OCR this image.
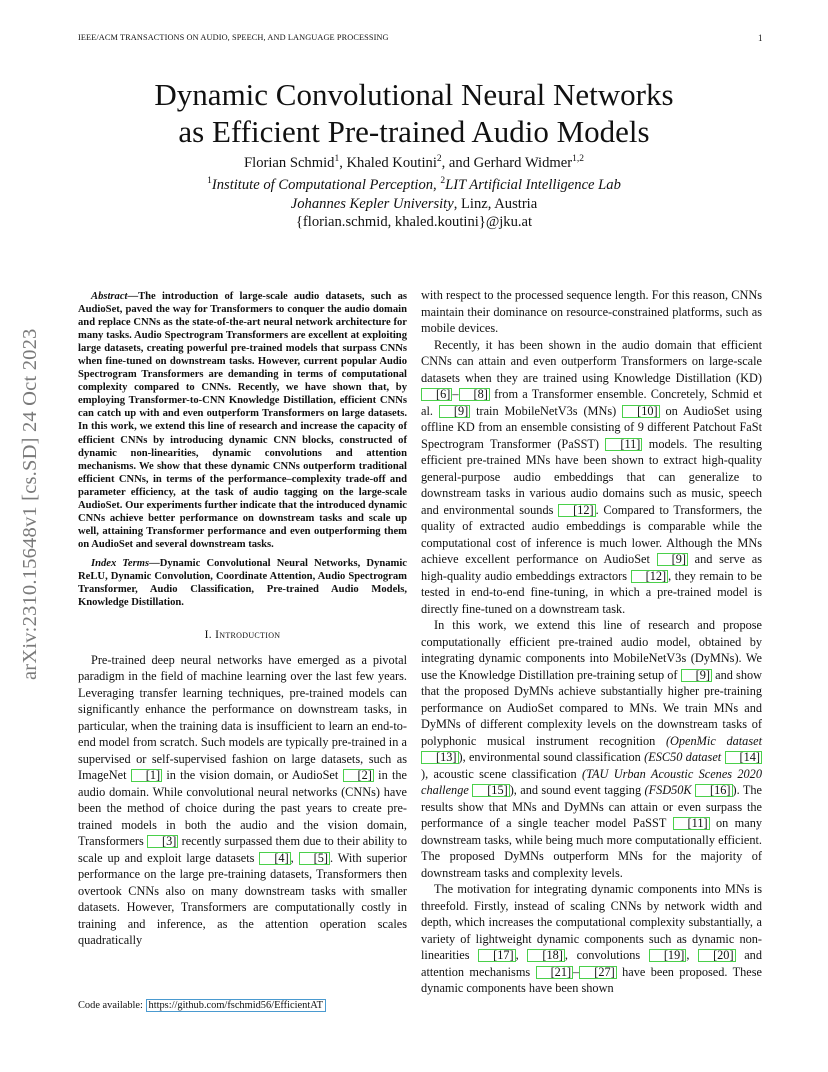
IEEE/ACM TRANSACTIONS ON AUDIO, SPEECH, AND LANGUAGE PROCESSING	1
arXiv:2310.15648v1 [cs.SD] 24 Oct 2023
Dynamic Convolutional Neural Networks
as Efficient Pre-trained Audio Models
Florian Schmid$^1$, Khaled Koutini$^2$, and Gerhard Widmer$^{1,2}$
$^1$Institute of Computational Perception, $^2$LIT Artificial Intelligence Lab
Johannes Kepler University, Linz, Austria
{florian.schmid, khaled.koutini}@jku.at

Abstract—The introduction of large-scale audio datasets, such as AudioSet, paved the way for Transformers to conquer the audio domain and replace CNNs as the state-of-the-art neural network architecture for many tasks. Audio Spectrogram Transformers are excellent at exploiting large datasets, creating powerful pre-trained models that surpass CNNs when fine-tuned on downstream tasks. However, current popular Audio Spectrogram Transformers are demanding in terms of computational complexity compared to CNNs. Recently, we have shown that, by employing Transformer-to-CNN Knowledge Distillation, efficient CNNs can catch up with and even outperform Transformers on large datasets. In this work, we extend this line of research and increase the capacity of efficient CNNs by introducing dynamic CNN blocks, constructed of dynamic non-linearities, dynamic convolutions and attention mechanisms. We show that these dynamic CNNs outperform traditional efficient CNNs, in terms of the performance–complexity trade-off and parameter efficiency, at the task of audio tagging on the large-scale AudioSet. Our experiments further indicate that the introduced dynamic CNNs achieve better performance on downstream tasks and scale up well, attaining Transformer performance and even outperforming them on AudioSet and several downstream tasks.

Index Terms—Dynamic Convolutional Neural Networks, Dynamic ReLU, Dynamic Convolution, Coordinate Attention, Audio Spectrogram Transformer, Audio Classification, Pre-trained Audio Models, Knowledge Distillation.

I. Introduction

Pre-trained deep neural networks have emerged as a pivotal paradigm in the field of machine learning over the last few years. Leveraging transfer learning techniques, pre-trained models can significantly enhance the performance on downstream tasks, in particular, when the training data is insufficient to learn an end-to-end model from scratch. Such models are typically pre-trained in a supervised or self-supervised fashion on large datasets, such as ImageNet [1] in the vision domain, or AudioSet [2] in the audio domain. While convolutional neural networks (CNNs) have been the method of choice during the past years to create pre-trained models in both the audio and the vision domain, Transformers [3] recently surpassed them due to their ability to scale up and exploit large datasets [4] , [5] . With superior performance on the large pre-training datasets, Transformers then overtook CNNs also on many downstream tasks with smaller datasets. However, Transformers are computationally costly in training and inference, as the attention operation scales quadratically

Code available: https://github.com/fschmid56/EfficientAT

with respect to the processed sequence length. For this reason, CNNs maintain their dominance on resource-constrained platforms, such as mobile devices.

Recently, it has been shown in the audio domain that efficient CNNs can attain and even outperform Transformers on large-scale datasets when they are trained using Knowledge Distillation (KD) [6] – [8] from a Transformer ensemble. Concretely, Schmid et al. [9] train MobileNetV3s (MNs) [10] on AudioSet using offline KD from an ensemble consisting of 9 different Patchout FaSt Spectrogram Transformer (PaSST) [11] models. The resulting efficient pre-trained MNs have been shown to extract high-quality general-purpose audio embeddings that can generalize to downstream tasks in various audio domains such as music, speech and environmental sounds [12] . Compared to Transformers, the quality of extracted audio embeddings is comparable while the computational cost of inference is much lower. Although the MNs achieve excellent performance on AudioSet [9] and serve as high-quality audio embeddings extractors [12] , they remain to be tested in end-to-end fine-tuning, in which a pre-trained model is directly fine-tuned on a downstream task.

In this work, we extend this line of research and propose computationally efficient pre-trained audio model, obtained by integrating dynamic components into MobileNetV3s (DyMNs). We use the Knowledge Distillation pre-training setup of [9] and show that the proposed DyMNs achieve substantially higher pre-training performance on AudioSet compared to MNs. We train MNs and DyMNs of different complexity levels on the downstream tasks of polyphonic musical instrument recognition (OpenMic dataset [13] ), environmental sound classification (ESC50 dataset [14]), acoustic scene classification (TAU Urban Acoustic Scenes 2020 challenge [15] ), and sound event tagging (FSD50K [16] ). The results show that MNs and DyMNs can attain or even surpass the performance of a single teacher model PaSST [11] on many downstream tasks, while being much more computationally efficient. The proposed DyMNs outperform MNs for the majority of downstream tasks and complexity levels.

The motivation for integrating dynamic components into MNs is threefold. Firstly, instead of scaling CNNs by network width and depth, which increases the computational complexity substantially, a variety of lightweight dynamic components such as dynamic non-linearities [17] , [18] , convolutions [19] , [20] and attention mechanisms [21] – [27] have been proposed. These dynamic components have been shown
